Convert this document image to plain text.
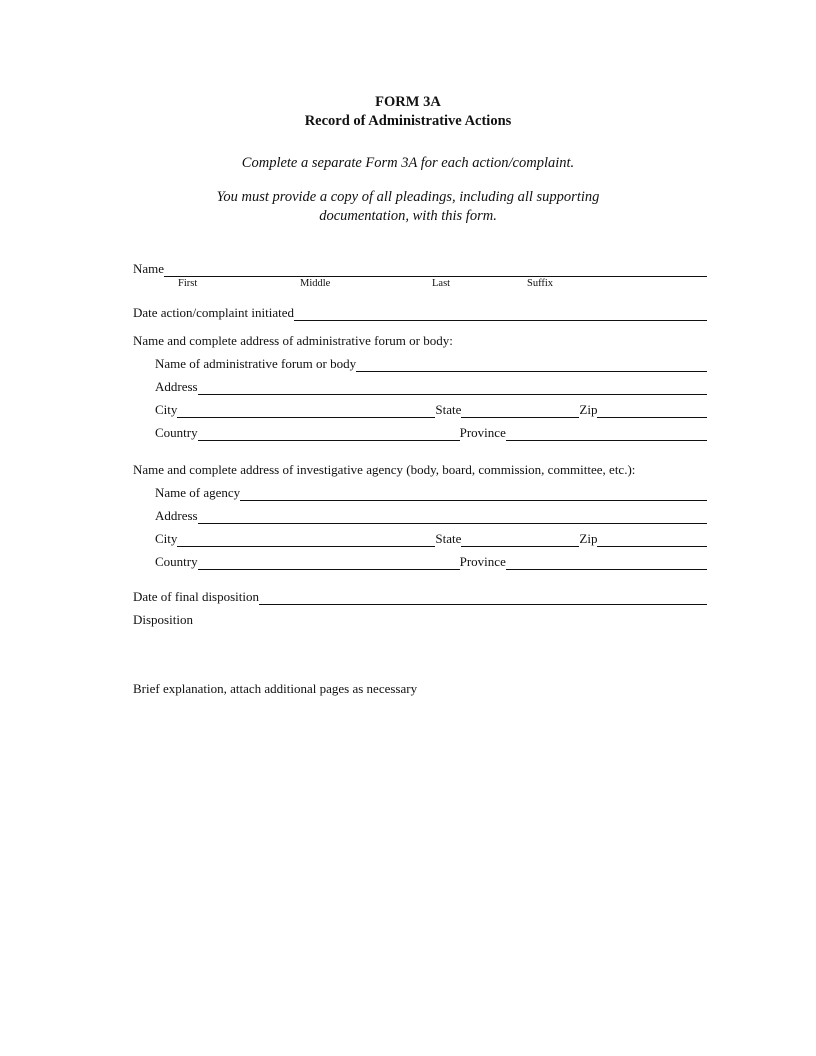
FORM 3A
Record of Administrative Actions
Complete a separate Form 3A for each action/complaint.
You must provide a copy of all pleadings, including all supporting documentation, with this form.
Name
First	Middle	Last	Suffix
Date action/complaint initiated
Name and complete address of administrative forum or body:
Name of administrative forum or body
Address
City	State	Zip
Country	Province
Name and complete address of investigative agency (body, board, commission, committee, etc.):
Name of agency
Address
City	State	Zip
Country	Province
Date of final disposition
Disposition
Brief explanation, attach additional pages as necessary
